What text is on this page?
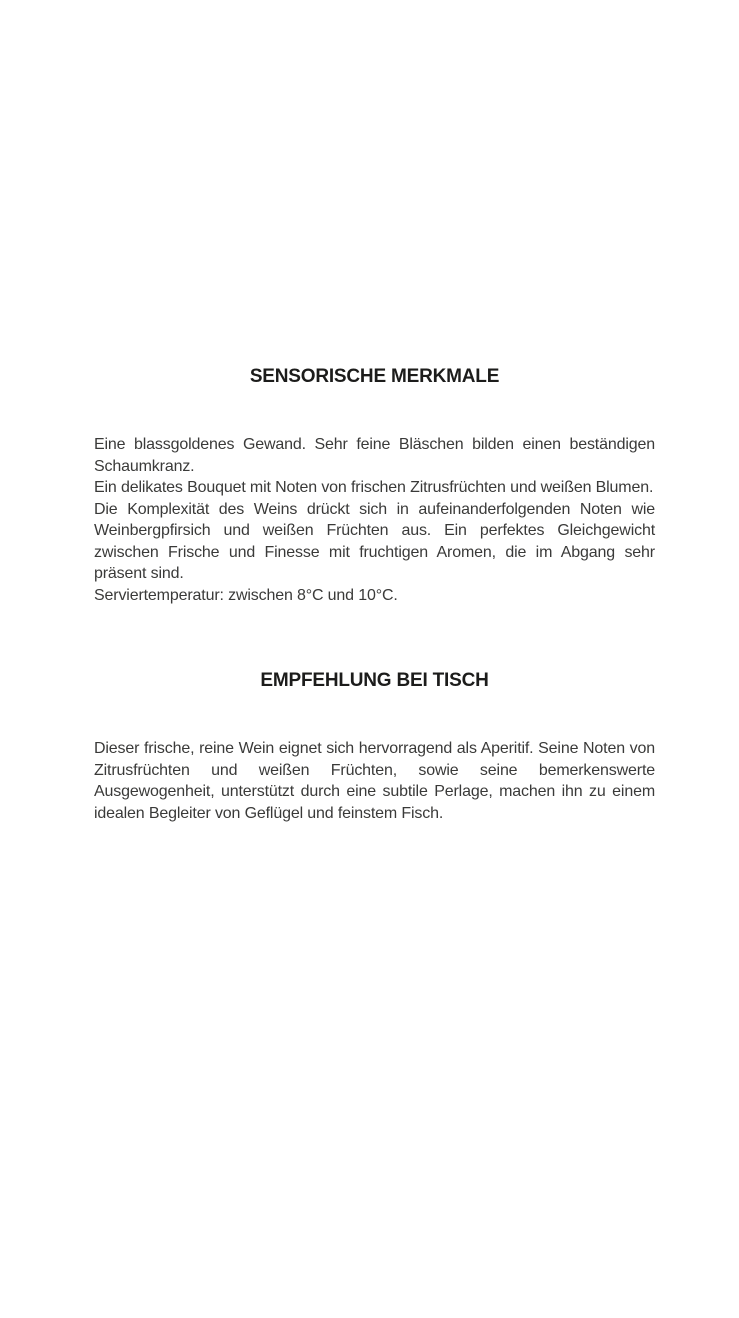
SENSORISCHE MERKMALE

Eine blassgoldenes Gewand. Sehr feine Bläschen bilden einen beständigen Schaumkranz.

Ein delikates Bouquet mit Noten von frischen Zitrusfrüchten und weißen Blumen.

Die Komplexität des Weins drückt sich in aufeinanderfolgenden Noten wie Weinbergpfirsich und weißen Früchten aus. Ein perfektes Gleichgewicht zwischen Frische und Finesse mit fruchtigen Aromen, die im Abgang sehr präsent sind.

Serviertemperatur: zwischen 8°C und 10°C.

EMPFEHLUNG BEI TISCH

Dieser frische, reine Wein eignet sich hervorragend als Aperitif. Seine Noten von Zitrusfrüchten und weißen Früchten, sowie seine bemerkenswerte Ausgewogenheit, unterstützt durch eine subtile Perlage, machen ihn zu einem idealen Begleiter von Geflügel und feinstem Fisch.
